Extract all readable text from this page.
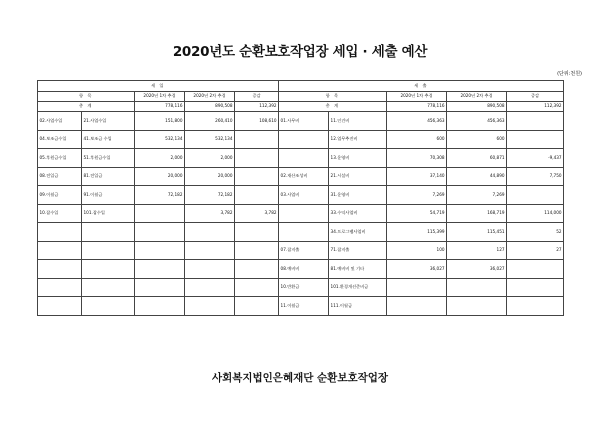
2020년도 순환보호작업장 세입 · 세출 예산
(단위:천원)
세 입					세 출				
항 목		2020년 1차 추경	2020년 2차 추경	증감	항 목		2020년 1차 추경	2020년 2차 추경	증감
총 계		778,116	890,508	112,392	총 계		778,116	890,508	112,392
02.사업수입	21.사업수입	151,800	260,410	108,610	01.사무비	11.인건비	456,363	456,363	
04.보조금수입	41.보조금 수입	532,134	532,134			12.업무추진비	600	600	
05.후원금수입	51.후원금수입	2,000	2,000			13.운영비	70,308	60,871	-9,437
08.전입금	81.전입금	20,000	20,000		02.재산조성비	21.시설비	37,140	44,890	7,750
09.이월금	91.이월금	72,182	72,182		03.사업비	31.운영비	7,269	7,269	
10.잡수입	101.잡수입		3,782	3,782		33.수익사업비	54,719	168,719	114,000
						34.프로그램사업비	115,399	115,451	52
					07.잡지출	71.잡지출	100	127	27
					08.예비비	81.예비비 및 기타	36,027	36,027	
					10.반환금	101.환경개선준비금			
					11.이월금	111.이월금			
사회복지법인은혜재단 순환보호작업장
